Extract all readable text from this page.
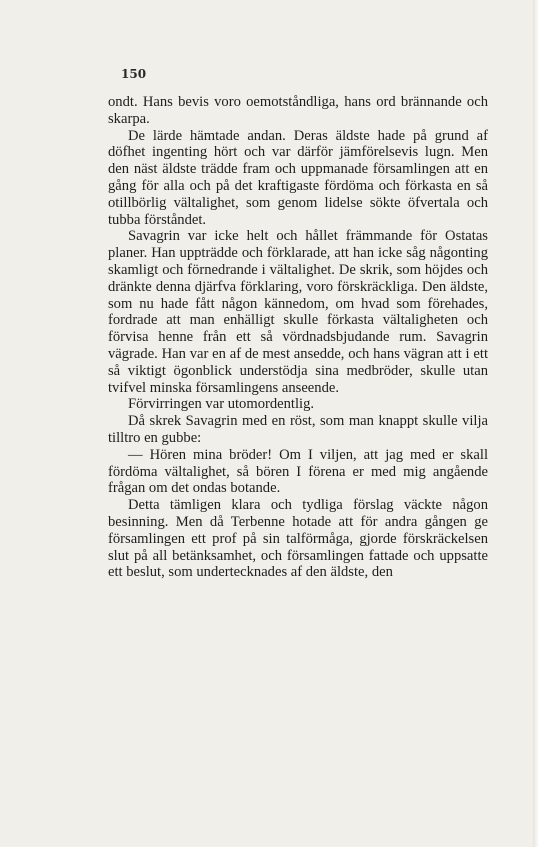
150

ondt. Hans bevis voro oemotståndliga, hans ord brännande och skarpa.

De lärde hämtade andan. Deras äldste hade på grund af döfhet ingenting hört och var därför jämförelsevis lugn. Men den näst äldste trädde fram och uppmanade församlingen att en gång för alla och på det kraftigaste fördöma och förkasta en så otillbörlig vältalighet, som genom lidelse sökte öfvertala och tubba förståndet.

Savagrin var icke helt och hållet främmande för Ostatas planer. Han uppträdde och förklarade, att han icke såg någonting skamligt och förnedrande i vältalighet. De skrik, som höjdes och dränkte denna djärfva förklaring, voro förskräckliga. Den äldste, som nu hade fått någon kännedom, om hvad som förehades, fordrade att man enhälligt skulle förkasta vältaligheten och förvisa henne från ett så vördnadsbjudande rum. Savagrin vägrade. Han var en af de mest ansedde, och hans vägran att i ett så viktigt ögonblick understödja sina medbröder, skulle utan tvifvel minska församlingens anseende.

Förvirringen var utomordentlig.

Då skrek Savagrin med en röst, som man knappt skulle vilja tilltro en gubbe:

— Hören mina bröder! Om I viljen, att jag med er skall fördöma vältalighet, så bören I förena er med mig angående frågan om det ondas botande.

Detta tämligen klara och tydliga förslag väckte någon besinning. Men då Terbenne hotade att för andra gången ge församlingen ett prof på sin talförmåga, gjorde förskräckelsen slut på all betänksamhet, och församlingen fattade och uppsatte ett beslut, som undertecknades af den äldste, den
